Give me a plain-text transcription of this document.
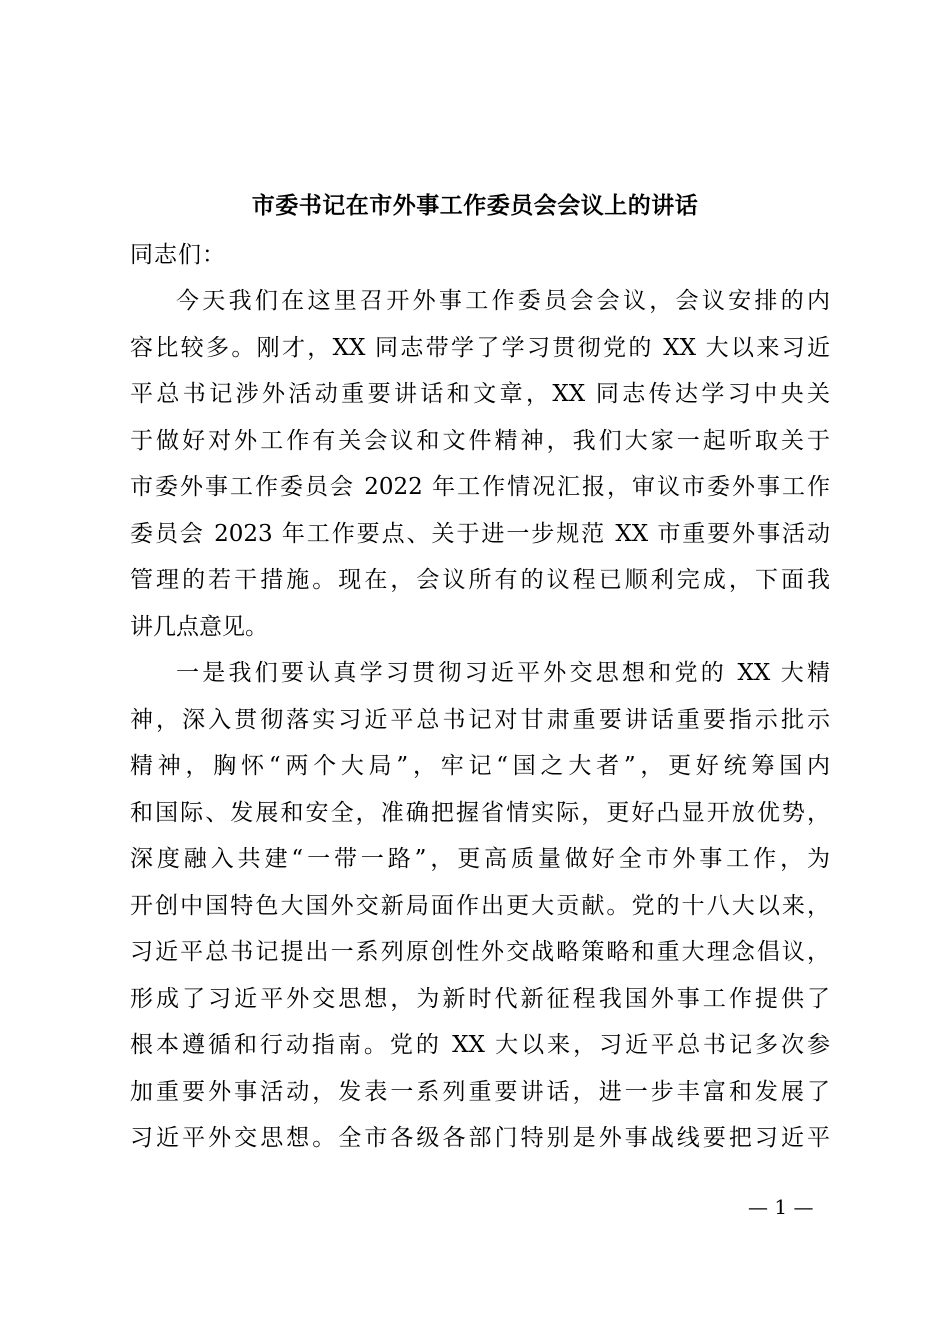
市委书记在市外事工作委员会会议上的讲话
同志们：
今天我们在这里召开外事工作委员会会议，会议安排的内
容比较多。刚才，XX 同志带学了学习贯彻党的 XX 大以来习近
平总书记涉外活动重要讲话和文章，XX 同志传达学习中央关
于做好对外工作有关会议和文件精神，我们大家一起听取关于
市委外事工作委员会 2022 年工作情况汇报，审议市委外事工作
委员会 2023 年工作要点、关于进一步规范 XX 市重要外事活动
管理的若干措施。现在，会议所有的议程已顺利完成，下面我
讲几点意见。
一是我们要认真学习贯彻习近平外交思想和党的 XX 大精
神，深入贯彻落实习近平总书记对甘肃重要讲话重要指示批示
精神，胸怀“两个大局”，牢记“国之大者”，更好统筹国内
和国际、发展和安全，准确把握省情实际，更好凸显开放优势，
深度融入共建“一带一路”，更高质量做好全市外事工作，为
开创中国特色大国外交新局面作出更大贡献。党的十八大以来，
习近平总书记提出一系列原创性外交战略策略和重大理念倡议，
形成了习近平外交思想，为新时代新征程我国外事工作提供了
根本遵循和行动指南。党的 XX 大以来，习近平总书记多次参
加重要外事活动，发表一系列重要讲话，进一步丰富和发展了
习近平外交思想。全市各级各部门特别是外事战线要把习近平
— 1 —
